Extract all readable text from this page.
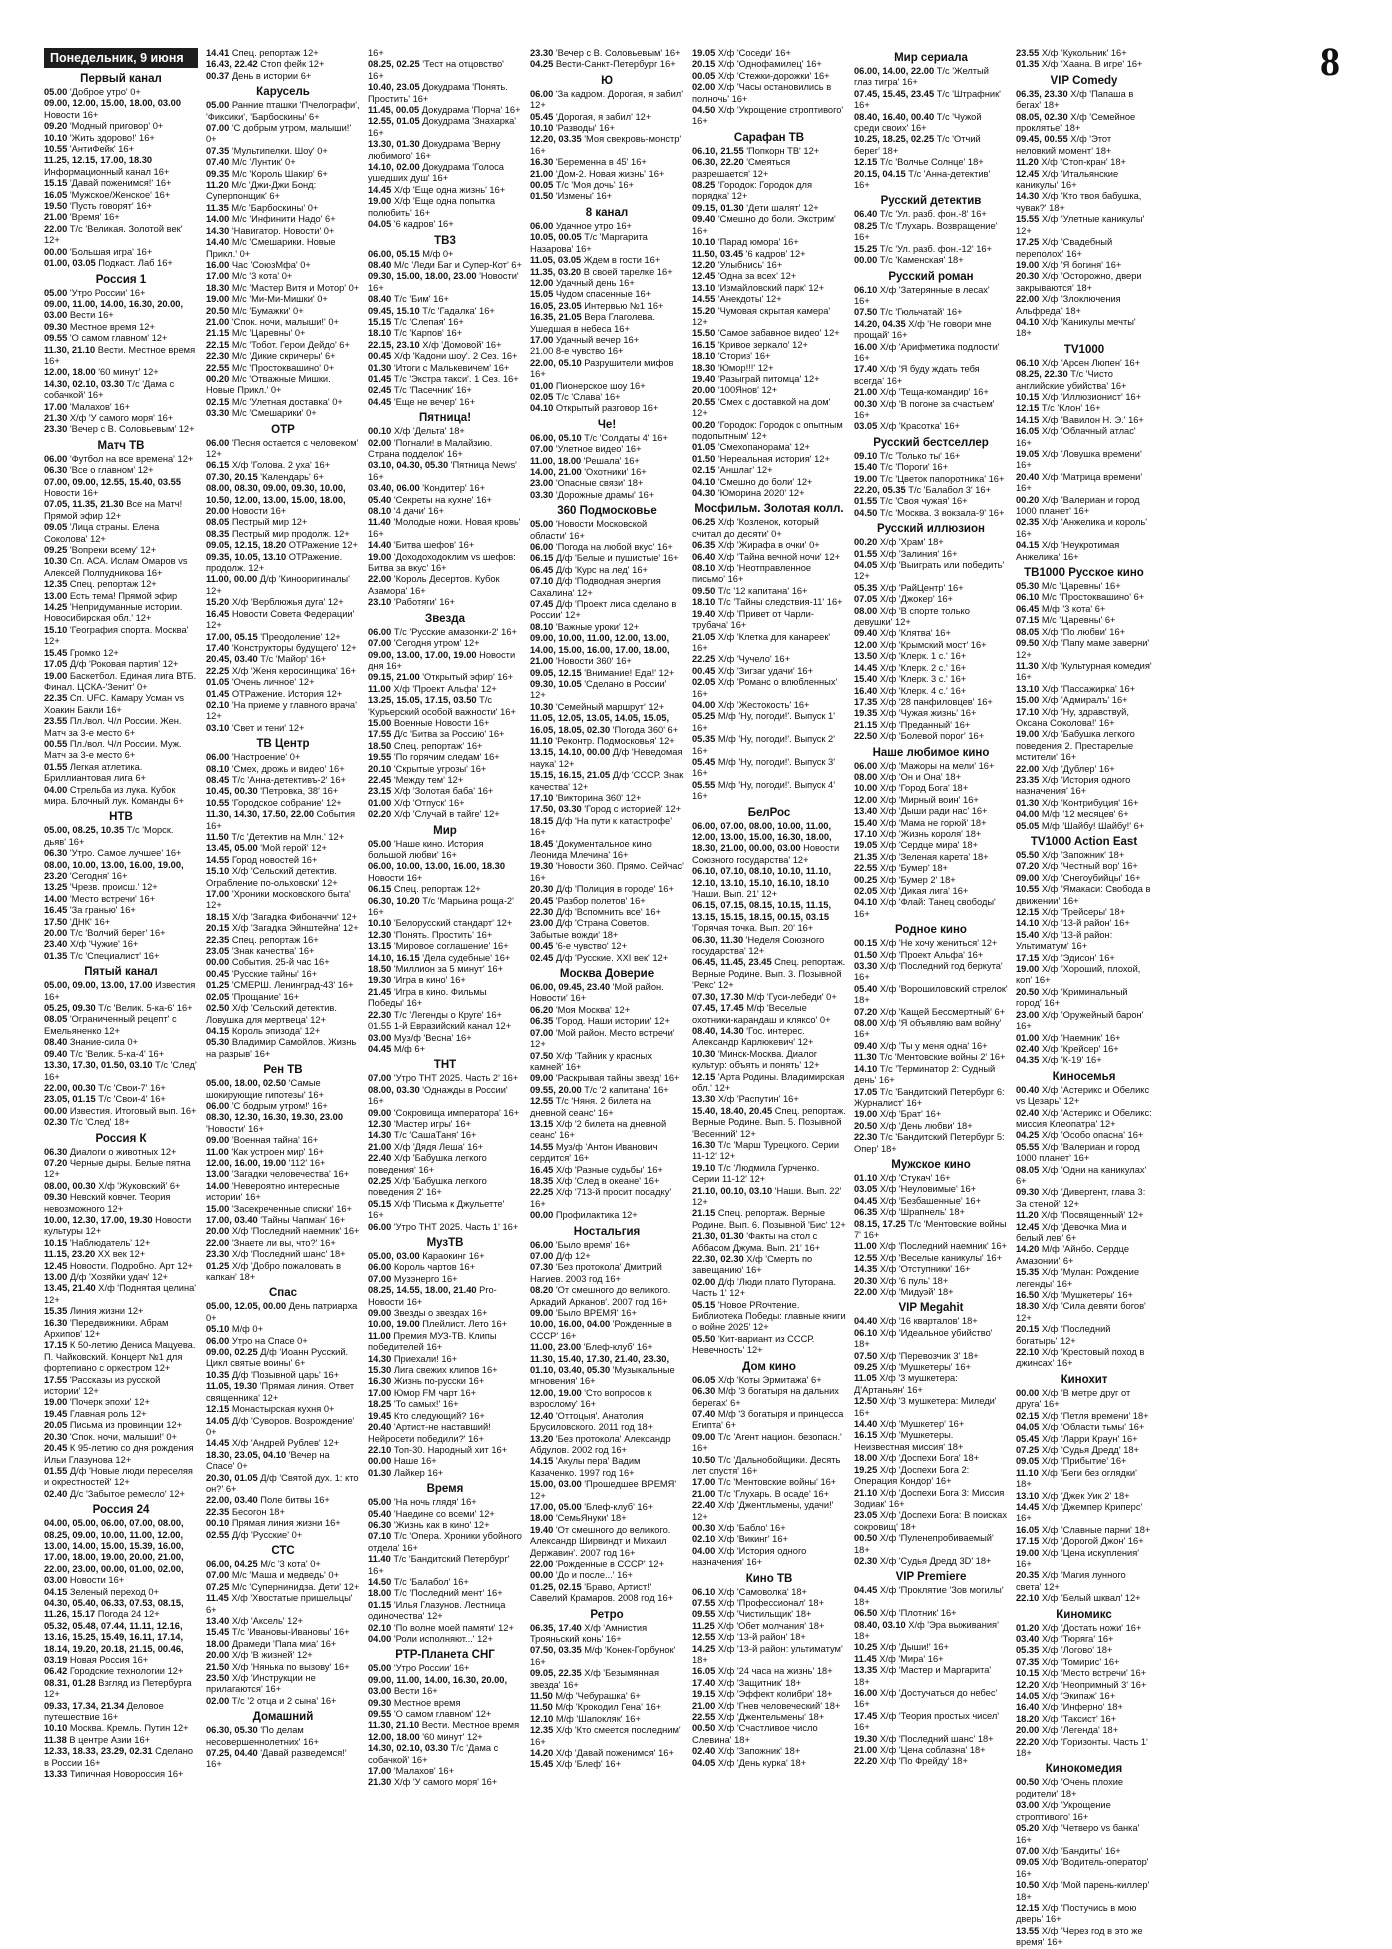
8
Понедельник, 9 июня
Первый канал
05.00 'Доброе утро' 0+
09.00, 12.00, 15.00, 18.00, 03.00 Новости 16+
09.20 'Модный приговор' 0+
10.10 'Жить здорово!' 16+
10.55 'АнтиФейк' 16+
11.25, 12.15, 17.00, 18.30 Информационный канал 16+
15.15 'Давай поженимся!' 16+
16.05 'Мужское/Женское' 16+
19.50 'Пусть говорят' 16+
21.00 'Время' 16+
22.00 Т/с 'Великая. Золотой век' 12+
00.00 'Большая игра' 16+
01.00, 03.05 Подкаст. Лаб 16+
Россия 1
05.00 'Утро России' 16+
09.00, 11.00, 14.00, 16.30, 20.00, 03.00 Вести 16+
09.30 Местное время 12+
09.55 'О самом главном' 12+
11.30, 21.10 Вести. Местное время 16+
12.00, 18.00 '60 минут' 12+
14.30, 02.10, 03.30 Т/с 'Дама с собачкой' 16+
17.00 'Малахов' 16+
21.30 Х/ф 'У самого моря' 16+
23.30 'Вечер с В. Соловьевым' 12+
Матч ТВ
06.00 'Футбол на все времена' 12+
06.30 'Все о главном' 12+
07.00, 09.00, 12.55, 15.40, 03.55 Новости 16+
07.05, 11.35, 21.30 Все на Матч! Прямой эфир 12+
09.05 'Лица страны. Елена Соколова' 12+
09.25 'Вопреки всему' 12+
10.30 Сп. АСА. Ислам Омаров vs Алексей Полпудникова 16+
12.35 Спец. репортаж 12+
13.00 Есть тема! Прямой эфир
14.25 'Непридуманные истории. Новосибирская обл.' 12+
15.10 'География спорта. Москва' 12+
15.45 Громко 12+
17.05 Д/ф 'Роковая партия' 12+
19.00 Баскетбол. Единая лига ВТБ. Финал. ЦСКА-'Зенит' 0+
22.35 Сп. UFC. Камару Усман vs Хоакин Бакли 16+
23.55 Пл./вол. Ч/л России. Жен. Матч за 3-е место 6+
00.55 Пл./вол. Ч/л России. Муж. Матч за 3-е место 6+
01.55 Легкая атлетика. Бриллиантовая лига 6+
04.00 Стрельба из лука. Кубок мира. Блочный лук. Команды 6+
НТВ
05.00, 08.25, 10.35 Т/с 'Морск. дьяв' 16+
06.30 'Утро. Самое лучшее' 16+
08.00, 10.00, 13.00, 16.00, 19.00, 23.20 'Сегодня' 16+
13.25 'Чрезв. происш.' 12+
14.00 'Место встречи' 16+
16.45 'За гранью' 16+
17.50 'ДНК' 16+
20.00 Т/с 'Волчий берег' 16+
23.40 Х/ф 'Чужие' 16+
01.35 Т/с 'Специалист' 16+
Пятый канал
05.00, 09.00, 13.00, 17.00 Известия 16+
05.25, 09.30 Т/с 'Велик. 5-ка-6' 16+
08.05 'Ограниченный рецепт' с Емельяненко 12+
08.40 Знание-сила 0+
09.40 Т/с 'Велик. 5-ка-4' 16+
13.30, 17.30, 01.50, 03.10 Т/с 'След' 16+
22.00, 00.30 Т/с 'Свои-7' 16+
23.05, 01.15 Т/с 'Свои-4' 16+
00.00 Известия. Итоговый вып. 16+
02.30 Т/с 'След' 18+
Россия К
06.30 Диалоги о животных 12+
07.20 Черные дыры. Белые пятна 12+
08.00, 00.30 Х/ф 'Жуковский' 6+
09.30 Невский ковчег. Теория невозможного 12+
10.00, 12.30, 17.00, 19.30 Новости культуры 12+
10.15 'Наблюдатель' 12+
11.15, 23.20 XX век 12+
12.45 Новости. Подробно. Арт 12+
13.00 Д/ф 'Хозяйки удач' 12+
13.45, 21.40 Х/ф 'Поднятая целина' 12+
15.35 Линия жизни 12+
16.30 'Передвижники. Абрам Архипов' 12+
17.15 К 50-летию Дениса Мацуева. П. Чайковский. Концерт №1 для фортепиано с оркестром 12+
17.55 'Рассказы из русской истории' 12+
19.00 'Почерк эпохи' 12+
19.45 Главная роль 12+
20.05 Письма из провинции 12+
20.30 'Спок. ночи, малыши!' 0+
20.45 К 95-летию со дня рождения Ильи Глазунова 12+
01.55 Д/ф 'Новые люди переселяя и окрестностей' 12+
02.40 Д/с 'Забытое ремесло' 12+
Россия 24
04.00, 05.00, 06.00, 07.00, 08.00, 08.25, 09.00, 10.00, 11.00, 12.00, 13.00, 14.00, 15.00, 15.39, 16.00, 17.00, 18.00, 19.00, 20.00, 21.00, 22.00, 23.00, 00.00, 01.00, 02.00, 03.00 Новости 16+
04.15 Зеленый переход 0+
04.30, 05.40, 06.33, 07.53, 08.15, 11.26, 15.17 Погода 24 12+
05.32, 05.48, 07.44, 11.11, 12.16, 13.16, 15.25, 15.49, 16.11, 17.14, 18.14, 19.20, 20.18, 21.15, 00.46, 03.19 Новая Россия 16+
06.42 Городские технологии 12+
08.31, 01.28 Взгляд из Петербурга 12+
09.33, 17.34, 21.34 Деловое путешествие 16+
10.10 Москва. Кремль. Путин 12+
11.38 В центре Азии 16+
12.33, 18.33, 23.29, 02.31 Сделано в России 16+
13.33 Типичная Новороссия 16+
14.41 Спец. репортаж 12+
16.43, 22.42 Стоп фейк 12+
00.37 День в истории 6+
Карусель
05.00 Ранние пташки 'Пчелографи', 'Фиксики', 'Барбоскины' 6+
07.00 'С добрым утром, малыши!' 0+
07.35 'Мультипелки. Шоу' 0+
07.40 М/с 'Лунтик' 0+
09.35 М/с 'Король Шакир' 6+
11.20 М/с 'Джи-Джи Бонд: Суперпонщик' 6+
11.35 М/с 'Барбоскины' 0+
14.00 М/с 'Инфинити Надо' 6+
14.30 'Навигатор. Новости' 0+
14.40 М/с 'Смешарики. Новые Прикл.' 0+
16.00 Час 'СоюзМфа' 0+
17.00 М/с '3 кота' 0+
18.30 М/с 'Мастер Витя и Мотор' 0+
19.00 М/с 'Ми-Ми-Мишки' 0+
20.50 М/с 'Бумажки' 0+
21.00 'Спок. ночи, малыши!' 0+
21.15 М/с 'Царевны' 0+
22.15 М/с 'Тобот. Герои Дейдо' 6+
22.30 М/с 'Дикие скричеры' 6+
22.55 М/с 'Простоквашино' 0+
00.20 М/с 'Отважные Мишки. Новые Прикл.' 0+
02.15 М/с 'Улетная доставка' 0+
03.30 М/с 'Смешарики' 0+
ОТР
06.00 'Песня остается с человеком' 12+
06.15 Х/ф 'Голова. 2 уха' 16+
07.30, 20.15 'Календарь' 6+
08.00, 08.30, 09.00, 09.30, 10.00, 10.50, 12.00, 13.00, 15.00, 18.00, 20.00 Новости 16+
08.05 Пестрый мир 12+
08.35 Пестрый мир продолж. 12+
09.05, 12.15, 18.20 ОТРажение 12+
09.35, 10.05, 13.10 ОТРажение. продолж. 12+
11.00, 00.00 Д/ф 'Кинооригиналы' 12+
15.20 Х/ф 'Верблюжья дуга' 12+
16.45 Новости Совета Федерации' 12+
17.00, 05.15 'Преодоление' 12+
17.40 'Конструкторы будущего' 12+
20.45, 03.40 Т/с 'Майор' 16+
22.25 Х/ф 'Женя керосинщика' 16+
01.05 'Очень личное' 12+
01.45 ОТРажение. История 12+
02.10 'На приеме у главного врача' 12+
03.10 'Свет и тени' 12+
ТВ Центр
06.00 'Настроение' 0+
08.10 'Смех, дрожь и видео' 16+
08.45 Т/с 'Анна-детективъ-2' 16+
10.45, 00.30 'Петровка, 38' 16+
10.55 'Городское собрание' 12+
11.30, 14.30, 17.50, 22.00 События 16+
11.50 Т/с 'Детектив на Млн.' 12+
13.45, 05.00 'Мой герой' 12+
14.55 Город новостей 16+
15.10 Х/ф 'Сельский детектив. Ограбление по-ольховски' 12+
17.00 'Хроники московского быта' 12+
18.15 Х/ф 'Загадка Фибоначчи' 12+
20.15 Х/ф 'Загадка Эйнштейна' 12+
22.35 Спец. репортаж 16+
23.05 'Знак качества' 16+
00.00 События. 25-й час 16+
00.45 'Русские тайны' 16+
01.25 'СМЕРШ. Ленинград-43' 16+
02.05 'Прощание' 16+
02.50 Х/ф 'Сельский детектив. Ловушка для мертвеца' 12+
04.15 Король эпизода' 12+
05.30 Владимир Самойлов. Жизнь на разрыв' 16+
Рен ТВ
05.00, 18.00, 02.50 'Самые шокирующие гипотезы' 16+
06.00 'С бодрым утром!' 16+
08.30, 12.30, 16.30, 19.30, 23.00 'Новости' 16+
09.00 'Военная тайна' 16+
11.00 'Как устроен мир' 16+
12.00, 16.00, 19.00 '112' 16+
13.00 'Загадки человечества' 16+
14.00 'Невероятно интересные истории' 16+
15.00 'Засекреченные списки' 16+
17.00, 03.40 'Тайны Чапман' 16+
20.00 Х/ф 'Последний наемник' 16+
22.00 'Знаете ли вы, что?' 16+
23.30 Х/ф 'Последний шанс' 18+
01.25 Х/ф 'Добро пожаловать в капкан' 18+
Спас
05.00, 12.05, 00.00 День патриарха 0+
05.10 М/ф 0+
06.00 Утро на Спасе 0+
09.00, 02.25 Д/ф 'Иоанн Русский. Цикл святые воины' 6+
10.35 Д/ф 'Позывной царь' 16+
11.05, 19.30 'Прямая линия. Ответ священника' 12+
12.15 Монастырская кухня 0+
14.05 Д/ф 'Суворов. Возрождение' 0+
14.45 Х/ф 'Андрей Рублев' 12+
18.30, 23.05, 04.10 'Вечер на Спасе' 0+
20.30, 01.05 Д/ф 'Святой дух. 1: кто он?' 6+
22.00, 03.40 Поле битвы 16+
22.35 Бесогон 18+
00.10 Прямая линия жизни 16+
02.55 Д/ф 'Русские' 0+
СТС
06.00, 04.25 М/с '3 кота' 0+
07.00 М/с 'Маша и медведь' 0+
07.25 М/с 'Супернинидза. Дети' 12+
11.45 Х/ф 'Хвостатые пришельцы' 6+
13.40 Х/ф 'Аксель' 12+
15.45 Т/с 'Ивановы-Ивановы' 16+
18.00 Драмеди 'Папа миа' 16+
20.00 Х/ф 'В жизней' 12+
21.50 Х/ф 'Нянька по вызову' 16+
23.50 Х/ф 'Инструкции не прилагаются' 16+
02.00 Т/с '2 отца и 2 сына' 16+
Домашний
06.30, 05.30 'По делам несовершеннолетних' 16+
07.25, 04.40 'Давай разведемся!' 16+
16+
08.25, 02.25 'Тест на отцовство' 16+
10.40, 23.05 Докудрама 'Понять. Простить' 16+
11.45, 00.05 Докудрама 'Порча' 16+
12.55, 01.05 Докудрама 'Знахарка' 16+
13.30, 01.30 Докудрама 'Верну любимого' 16+
14.10, 02.00 Докудрама 'Голоса ушедших душ' 16+
14.45 Х/ф 'Еще одна жизнь' 16+
19.00 Х/ф 'Еще одна попытка полюбить' 16+
04.05 '6 кадров' 16+
ТВ3
06.00, 05.15 М/ф 0+
08.40 М/с 'Леди Баг и Супер-Кот' 6+
09.30, 15.00, 18.00, 23.00 'Новости' 16+
08.40 Т/с 'Бим' 16+
09.45, 15.10 Т/с 'Гадалка' 16+
15.15 Т/с 'Слепая' 16+
18.10 Т/с 'Карпов' 16+
22.15, 23.10 Х/ф 'Домовой' 16+
00.45 Х/ф 'Кадони шоу'. 2 Сез. 16+
01.30 'Итоги с Малькевичем' 16+
01.45 Т/с 'Экстра такси'. 1 Сез. 16+
02.45 Т/с 'Пасечник' 16+
04.45 'Еще не вечер' 16+
Пятница!
00.10 Х/ф 'Дельта' 18+
02.00 'Погнали! в Малайзию. Страна подделок' 16+
03.10, 04.30, 05.30 'Пятница News' 16+
03.40, 06.00 'Кондитер' 16+
05.40 'Секреты на кухне' 16+
08.10 '4 дачи' 16+
11.40 'Молодые ножи. Новая кровь' 16+
14.40 'Битва шефов' 16+
19.00 'Доходоходоклим vs шефов: Битва за вкус' 16+
22.00 'Король Десертов. Кубок Азамора' 16+
23.10 'Работяги' 16+
Звезда
06.00 Т/с 'Русские амазонки-2' 16+
07.00 'Сегодня утром' 12+
09.00, 13.00, 17.00, 19.00 Новости дня 16+
09.15, 21.00 'Открытый эфир' 16+
11.00 Х/ф 'Проект Альфа' 12+
13.25, 15.05, 17.15, 03.50 Т/с 'Курьерский особой важности' 16+
15.00 Военные Новости 16+
17.55 Д/с 'Битва за Россию' 16+
18.50 Спец. репортаж' 16+
19.55 'По горячим следам' 16+
20.10 'Скрытые угрозы' 16+
22.45 'Между тем' 12+
23.15 Х/ф 'Золотая баба' 16+
01.00 Х/ф 'Отпуск' 16+
02.20 Х/ф 'Случай в тайге' 12+
Мир
05.00 'Наше кино. История большой любви' 16+
06.00, 10.00, 13.00, 16.00, 18.30 Новости 16+
06.15 Спец. репортаж 12+
06.30, 10.20 Т/с 'Марьина роща-2' 16+
10.10 'Белорусский стандарт' 12+
12.30 'Понять. Простить' 16+
13.15 'Мировое соглашение' 16+
14.10, 16.15 'Дела судебные' 16+
18.50 'Миллион за 5 минут' 16+
19.30 'Игра в кино' 16+
21.45 'Игра в кино. Фильмы Победы' 16+
22.30 Т/с 'Легенды о Круге' 16+
01.55 1-й Евразийский канал 12+
03.00 Муз/ф 'Весна' 16+
04.45 М/ф 6+
ТНТ
07.00 'Утро ТНТ 2025. Часть 2' 16+
08.00, 03.30 'Однажды в России' 16+
09.00 'Сокровища императора' 16+
12.30 'Мастер игры' 16+
14.30 Т/с 'СашаТаня' 16+
21.00 Х/ф 'Дядя Леша' 16+
22.40 Х/ф 'Бабушка легкого поведения' 16+
02.25 Х/ф 'Бабушка легкого поведения 2' 16+
05.15 Х/ф 'Письма к Джульетте' 16+
06.00 'Утро ТНТ 2025. Часть 1' 16+
МузТВ
05.00, 03.00 Караокинг 16+
06.00 Король чартов 16+
07.00 Музэнерго 16+
08.25, 14.55, 18.00, 21.40 Pro-Новости 16+
09.00 Звезды о звездах 16+
10.00, 19.00 Плейлист. Лето 16+
11.00 Премия МУЗ-ТВ. Клипы победителей 16+
14.30 Приехали! 16+
15.30 Лига свежих клипов 16+
16.30 Жизнь по-русски 16+
17.00 Юмор FM чарт 16+
18.25 'То самых!' 16+
19.45 Кто следующий? 16+
20.40 'Артист-не наставший! Нейросети победили?' 16+
22.10 Топ-30. Народный хит 16+
00.00 Наше 16+
01.30 Лайкер 16+
Время
05.00 'На ночь глядя' 16+
05.40 'Наедине со всеми' 12+
06.30 'Жизнь как в кино' 12+
07.10 Т/с 'Опера. Хроники убойного отдела' 16+
11.40 Т/с 'Бандитский Петербург' 16+
14.50 Т/с 'Балабол' 16+
18.00 Т/с 'Последний мент' 16+
01.15 'Илья Глазунов. Лестница одиночества' 12+
02.10 'По волне моей памяти' 12+
04.00 'Роли исполняют...' 12+
РТР-Планета СНГ
05.00 'Утро России' 16+
09.00, 11.00, 14.00, 16.30, 20.00, 03.00 Вести 16+
09.30 Местное время
09.55 'О самом главном' 12+
11.30, 21.10 Вести. Местное время
12.00, 18.00 '60 минут' 12+
14.30, 02.10, 03.30 Т/с 'Дама с собачкой' 16+
17.00 'Малахов' 16+
21.30 Х/ф 'У самого моря' 16+
23.30 'Вечер с В. Соловьевым' 16+
04.25 Вести-Санкт-Петербург 16+
Ю
06.00 'За кадром. Дорогая, я забил' 12+
05.45 'Дорогая, я забил' 12+
10.10 'Разводы' 16+
12.20, 03.35 'Моя свекровь-монстр' 16+
16.30 'Беременна в 45' 16+
21.00 'Дом-2. Новая жизнь' 16+
00.05 Т/с 'Моя дочь' 16+
01.50 'Измены' 16+
8 канал
06.00 Удачное утро 16+
10.05, 00.05 Т/с 'Маргарита Назарова' 16+
11.05, 03.05 Ждем в гости 16+
11.35, 03.20 В своей тарелке 16+
12.00 Удачный день 16+
15.05 Чудом спасенные 16+
16.05, 23.05 Интервью №1 16+
16.35, 21.05 Вера Глаголева. Ушедшая в небеса 16+
17.00 Удачный вечер 16+
21.00 8-е чувство 16+
22.00, 05.10 Разрушители мифов 16+
01.00 Пионерское шоу 16+
02.05 Т/с 'Слава' 16+
04.10 Открытый разговор 16+
Че!
06.00, 05.10 Т/с 'Солдаты 4' 16+
07.00 'Улетное видео' 16+
11.00, 18.00 'Решала' 16+
14.00, 21.00 'Охотники' 16+
23.00 'Опасные связи' 18+
03.30 'Дорожные драмы' 16+
360 Подмосковье
05.00 'Новости Московской области' 16+
06.00 'Погода на любой вкус' 16+
06.15 Д/ф 'Белые и пушистые' 16+
06.45 Д/ф 'Курс на лед' 16+
07.10 Д/ф 'Подводная энергия Сахалина' 12+
07.45 Д/ф 'Проект лиса сделано в России' 12+
08.10 'Важные уроки' 12+
09.00, 10.00, 11.00, 12.00, 13.00, 14.00, 15.00, 16.00, 17.00, 18.00, 21.00 'Новости 360' 16+
09.05, 12.15 'Внимание! Еда!' 12+
09.30, 10.05 'Сделано в России' 12+
10.30 'Семейный маршрут' 12+
11.05, 12.05, 13.05, 14.05, 15.05, 16.05, 18.05, 02.30 'Погода 360' 6+
11.10 'Реконтр. Подмосковья' 12+
13.15, 14.10, 00.00 Д/ф 'Неведомая наука' 12+
15.15, 16.15, 21.05 Д/ф 'СССР. Знак качества' 12+
17.10 'Викторина 360' 12+
17.50, 03.30 'Город с историей' 12+
18.15 Д/ф 'На пути к катастрофе' 16+
18.45 'Документальное кино Леонида Млечина' 16+
19.30 'Новости 360. Прямо. Сейчас' 16+
20.30 Д/ф 'Полиция в городе' 16+
20.45 'Разбор полетов' 16+
22.30 Д/ф 'Вспомнить все' 16+
23.00 Д/ф 'Страна Советов. Забытые вожди' 18+
00.45 '6-е чувство' 12+
02.45 Д/ф 'Русские. XXI век' 12+
Москва Доверие
06.00, 09.45, 23.40 'Мой район. Новости' 16+
06.20 'Моя Москва' 12+
06.35 'Город. Наши истории' 12+
07.00 'Мой район. Место встречи' 12+
07.50 Х/ф 'Тайник у красных камней' 16+
09.00 'Раскрывая тайны звезд' 16+
09.55, 20.00 Т/с '2 капитана' 16+
12.55 Т/с 'Няня. 2 билета на дневной сеанс' 16+
13.15 Х/ф '2 билета на дневной сеанс' 16+
14.55 Муз/ф 'Антон Иванович сердится' 16+
16.45 Х/ф 'Разные судьбы' 16+
18.35 Х/ф 'След в океане' 16+
22.25 Х/ф '713-й просит посадку' 16+
00.00 Профилактика 12+
Ностальгия
06.00 'Было время' 16+
07.00 Д/ф 12+
07.30 'Без протокола' Дмитрий Нагиев. 2003 год 16+
08.20 'От смешного до великого. Аркадий Арканов'. 2007 год 16+
09.00 'Было ВРЕМЯ' 16+
10.00, 16.00, 04.00 'Рожденные в СССР' 16+
11.00, 23.00 'Блеф-клуб' 16+
11.30, 15.40, 17.30, 21.40, 23.30, 01.10, 03.40, 05.30 'Музыкальные мгновения' 16+
12.00, 19.00 'Сто вопросов к взрослому' 16+
12.40 'Оттоцыя'. Анатолия Брусиловского. 2011 год 18+
13.20 'Без протокола' Александр Абдулов. 2002 год 16+
14.15 'Акулы пера' Вадим Казаченко. 1997 год 16+
15.00, 03.00 'Прошедшее ВРЕМЯ' 12+
17.00, 05.00 'Блеф-клуб' 16+
18.00 'СемьЯнуки' 18+
19.40 'От смешного до великого. Александр Ширвиндт и Михаил Державин'. 2007 год 16+
22.00 'Рожденные в СССР' 12+
00.00 'До и после...' 16+
01.25, 02.15 'Браво, Артист!' Савелий Крамаров. 2008 год 16+
Ретро
06.35, 17.40 Х/ф 'Амнистия Трояньский конь' 16+
07.50, 03.35 М/ф 'Конек-Горбунок' 16+
09.05, 22.35 Х/ф 'Безымянная звезда' 16+
11.50 М/ф 'Чебурашка' 6+
11.50 М/ф 'Крокодил Гена' 16+
12.10 М/ф 'Шапокляк' 16+
12.35 Х/ф 'Кто смеется последним' 16+
14.20 Х/ф 'Давай поженимся' 16+
15.45 Х/ф 'Блеф' 16+
19.05 Х/ф 'Соседи' 16+
20.15 Х/ф 'Однофамилец' 16+
00.05 Х/ф 'Стежки-дорожки' 16+
02.00 Х/ф 'Часы остановились в полночь' 16+
04.50 Х/ф 'Укрощение строптивого' 16+
Сарафан ТВ
06.10, 21.55 'Попкорн ТВ' 12+
06.30, 22.20 'Смеяться разрешается' 12+
08.25 'Городок: Городок для порядка' 12+
09.15, 01.30 'Дети шалят' 12+
09.40 'Смешно до боли. Экстрим' 16+
10.10 'Парад юмора' 16+
11.50, 03.45 '6 кадров' 12+
12.20 'Улыбнись' 16+
12.45 'Одна за всех' 12+
13.10 'Измайловский парк' 12+
14.55 'Анекдоты' 12+
15.20 'Чумовая скрытая камера' 12+
15.50 'Самое забавное видео' 12+
16.15 'Кривое зеркало' 12+
18.10 'Сториз' 16+
18.30 'Юмор!!!' 12+
19.40 'Разыграй питомца' 12+
20.00 '100Янов' 12+
20.55 'Смех с доставкой на дом' 12+
00.20 'Городок: Городок с опытным подопытным' 12+
01.05 'Смехопанорама' 12+
01.50 'Нереальная история' 12+
02.15 'Аншлаг' 12+
04.10 'Смешно до боли' 12+
04.30 'Юморина 2020' 12+
Мосфильм. Золотая колл.
06.25 Х/ф 'Козленок, который считал до десяти' 0+
06.35 Х/ф 'Жирафа в очки' 0+
06.40 Х/ф 'Тайна вечной ночи' 12+
08.10 Х/ф 'Неотправленное письмо' 16+
09.50 Т/с '12 капитана' 16+
18.10 Т/с 'Тайны следствия-11' 16+
19.40 Х/ф 'Привет от Чарли-трубача' 16+
21.05 Х/ф 'Клетка для канареек' 16+
22.25 Х/ф 'Чучело' 16+
00.45 Х/ф 'Зигзаг удачи' 16+
02.05 Х/ф 'Романс о влюбленных' 16+
04.00 Х/ф 'Жестокость' 16+
05.25 М/ф 'Ну, погоди!'. Выпуск 1' 16+
05.35 М/ф 'Ну, погоди!'. Выпуск 2' 16+
05.45 М/ф 'Ну, погоди!'. Выпуск 3' 16+
05.55 М/ф 'Ну, погоди!'. Выпуск 4' 16+
БелРос
06.00, 07.00, 08.00, 10.00, 11.00, 12.00, 13.00, 15.00, 16.30, 18.00, 18.30, 21.00, 00.00, 03.00 Новости Союзного государства' 12+
06.10, 07.10, 08.10, 10.10, 11.10, 12.10, 13.10, 15.10, 16.10, 18.10 'Наши. Вып. 21' 12+
06.15, 07.15, 08.15, 10.15, 11.15, 13.15, 15.15, 18.15, 00.15, 03.15 'Горячая точка. Вып. 20' 16+
06.30, 11.30 'Неделя Союзного государства' 12+
06.45, 11.45, 23.45 Спец. репортаж. Верные Родине. Вып. 3. Позывной 'Рекс' 12+
07.30, 17.30 М/ф 'Гуси-лебеди' 0+
07.45, 17.45 М/ф 'Веселые охотники-карандаш и кляксо' 0+
08.40, 14.30 'Гос. интерес. Александр Карлюкевич' 12+
10.30 'Минск-Москва. Диалог культур: объять и понять' 12+
12.15 'Арта Родины. Владимирская обл.' 12+
13.30 Х/ф 'Распутин' 16+
15.40, 18.40, 20.45 Спец. репортаж. Верные Родине. Вып. 5. Позывной 'Весенний' 12+
16.30 Т/с 'Марш Турецкого. Серии 11-12' 12+
19.10 Т/с 'Людмила Гурченко. Серии 11-12' 12+
21.10, 00.10, 03.10 'Наши. Вып. 22' 12+
21.15 Спец. репортаж. Верные Родине. Вып. 6. Позывной 'Бис' 12+
21.30, 01.30 'Факты на стол с Аббасом Джума. Вып. 21' 16+
22.30, 02.30 Х/ф 'Смерть по завещанию' 16+
02.00 Д/ф 'Люди плато Путорана. Часть 1' 12+
05.15 'Новое PRочтение. Библиотека Победы: главные книги о войне 2025' 12+
05.50 'Кит-вариант из СССР. Невечность' 12+
Дом кино
06.05 Х/ф 'Коты Эрмитажа' 6+
06.30 М/ф '3 богатыря на дальних берегах' 6+
07.40 М/ф '3 богатыря и принцесса Египта' 6+
09.00 Т/с 'Агент национ. безопасн.' 16+
10.50 Т/с 'Дальнобойщики. Десять лет спустя' 16+
17.00 Т/с 'Ментовские войны' 16+
21.00 Т/с 'Глухарь. В осаде' 16+
22.40 Х/ф 'Джентльмены, удачи!' 12+
00.30 Х/ф 'Бабло' 16+
02.10 Х/ф 'Викинг' 16+
04.00 Х/ф 'История одного назначения' 16+
Кино ТВ
06.10 Х/ф 'Самоволка' 18+
07.55 Х/ф 'Профессионал' 18+
09.55 Х/ф 'Чистильщик' 18+
11.25 Х/ф 'Обет молчания' 18+
12.55 Х/ф '13-й район' 18+
14.25 Х/ф '13-й район: ультиматум' 18+
16.05 Х/ф '24 часа на жизнь' 18+
17.40 Х/ф 'Защитник' 18+
19.15 Х/ф 'Эффект колибри' 18+
21.00 Х/ф 'Гнев человеческий' 18+
22.55 Х/ф 'Джентельмены' 18+
00.50 Х/ф 'Счастливое число Слевина' 18+
02.40 Х/ф 'Запожник' 18+
04.05 Х/ф 'День курка' 18+
Мир сериала
06.00, 14.00, 22.00 Т/с 'Желтый глаз тигра' 16+
07.45, 15.45, 23.45 Т/с 'Штрафник' 16+
08.40, 16.40, 00.40 Т/с 'Чужой среди своих' 16+
10.25, 18.25, 02.25 Т/с 'Отчий берег' 18+
12.15 Т/с 'Волчье Солнце' 18+
20.15, 04.15 Т/с 'Анна-детектив' 16+
Русский детектив
06.40 Т/с 'Ул. разб. фон.-8' 16+
08.25 Т/с 'Глухарь. Возвращение' 16+
15.25 Т/с 'Ул. разб. фон.-12' 16+
00.00 Т/с 'Каменская' 18+
Русский роман
06.10 Х/ф 'Затерянные в лесах' 16+
07.50 Т/с 'Гюльчатай' 16+
14.20, 04.35 Х/ф 'Не говори мне прощай' 16+
16.00 Х/ф 'Арифметика подлости' 16+
17.40 Х/ф 'Я буду ждать тебя всегда' 16+
21.00 Х/ф 'Теща-командир' 16+
00.30 Х/ф 'В погоне за счастьем' 16+
03.05 Х/ф 'Красотка' 16+
Русский бестселлер
09.10 Т/с 'Только ты' 16+
15.40 Т/с 'Пороги' 16+
19.00 Т/с 'Цветок папоротника' 16+
22.20, 05.35 Т/с 'Балабол 3' 16+
01.55 Т/с 'Своя чужая' 16+
04.50 Т/с 'Москва. 3 вокзала-9' 16+
Русский иллюзион
00.20 Х/ф 'Храм' 18+
01.55 Х/ф 'Залиния' 16+
04.05 Х/ф 'Выиграть или победить' 12+
05.35 Х/ф 'РайЦентр' 16+
07.05 Х/ф 'Джокер' 16+
08.00 Х/ф 'В спорте только девушки' 12+
09.40 Х/ф 'Клятва' 16+
12.00 Х/ф 'Крымский мост' 16+
13.50 Х/ф 'Клерк. 1 с.' 16+
14.45 Х/ф 'Клерк. 2 с.' 16+
15.40 Х/ф 'Клерк. 3 с.' 16+
16.40 Х/ф 'Клерк. 4 с.' 16+
17.35 Х/ф '28 панфиловцев' 16+
19.35 Х/ф 'Чужая жизнь' 16+
21.15 Х/ф 'Преданный' 16+
22.50 Х/ф 'Болевой порог' 16+
Наше любимое кино
06.00 Х/ф 'Мажоры на мели' 16+
08.00 Х/ф 'Он и Она' 18+
10.00 Х/ф 'Город Бога' 18+
12.00 Х/ф 'Мирный воин' 16+
13.40 Х/ф 'Дыши ради нас' 16+
15.40 Х/ф 'Мама не горюй' 18+
17.10 Х/ф 'Жизнь короля' 18+
19.05 Х/ф 'Сердце мира' 18+
21.35 Х/ф 'Зеленая карета' 18+
22.55 Х/ф 'Бумер' 18+
00.25 Х/ф 'Бумер 2' 18+
02.05 Х/ф 'Дикая лига' 16+
04.10 Х/ф 'Флай: Танец свободы' 16+
Родное кино
00.15 Х/ф 'Не хочу жениться' 12+
01.50 Х/ф 'Проект Альфа' 16+
03.30 Х/ф 'Последний год беркута' 16+
05.40 Х/ф 'Ворошиловский стрелок' 18+
07.20 Х/ф 'Кащей Бессмертный' 6+
08.00 Х/ф 'Я объявляю вам войну' 16+
09.40 Х/ф 'Ты у меня одна' 16+
11.30 Т/с 'Ментовские войны 2' 16+
14.10 Т/с 'Терминатор 2: Судный день' 16+
17.05 Т/с 'Бандитский Петербург 6: Журналист' 16+
19.00 Х/ф 'Брат' 16+
20.50 Х/ф 'День любви' 18+
22.30 Т/с 'Бандитский Петербург 5: Опер' 18+
Мужское кино
01.10 Х/ф 'Стукач' 16+
03.05 Х/ф 'Неуловимые' 16+
04.45 Х/ф 'Безбашенные' 16+
06.35 Х/ф 'Шрапнель' 18+
08.15, 17.25 Т/с 'Ментовские войны 7' 16+
11.00 Х/ф 'Последний наемник' 16+
12.55 Х/ф 'Веселые каникулы' 16+
14.35 Х/ф 'Отступники' 16+
20.30 Х/ф '6 пуль' 18+
22.00 Х/ф 'Мидуэй' 18+
VIP Megahit
04.40 Х/ф '16 кварталов' 18+
06.10 Х/ф 'Идеальное убийство' 18+
07.50 Х/ф 'Перевозчик 3' 18+
09.25 Х/ф 'Мушкетеры' 16+
11.05 Х/ф '3 мушкетера: Д'Артаньян' 16+
12.50 Х/ф '3 мушкетера: Миледи' 16+
14.40 Х/ф 'Мушкетер' 16+
16.15 Х/ф 'Мушкетеры. Неизвестная миссия' 18+
18.00 Х/ф 'Доспехи Бога' 18+
19.25 Х/ф 'Доспехи Бога 2: Операция Кондор' 16+
21.10 Х/ф 'Доспехи Бога 3: Миссия Зодиак' 16+
23.05 Х/ф 'Доспехи Бога: В поисках сокровищ' 18+
00.50 Х/ф 'Пуленепробиваемый' 18+
02.30 Х/ф 'Судья Дредд 3D' 18+
VIP Premiere
04.45 Х/ф 'Проклятие 'Зов могилы' 18+
06.50 Х/ф 'Плотник' 16+
08.40, 03.10 Х/ф 'Эра выживания' 18+
10.25 Х/ф 'Дыши!' 16+
11.45 Х/ф 'Мира' 16+
13.35 Х/ф 'Мастер и Маргарита' 18+
16.00 Х/ф 'Достучаться до небес' 16+
17.45 Х/ф 'Теория простых чисел' 16+
19.30 Х/ф 'Последний шанс' 18+
21.00 Х/ф 'Цена соблазна' 18+
22.20 Х/ф 'По Фрейду' 18+
23.55 Х/ф 'Кукольник' 16+
01.35 Х/ф 'Хаана. В игре' 16+
VIP Comedy
06.35, 23.30 Х/ф 'Папаша в бегах' 18+
08.05, 02.30 Х/ф 'Семейное проклятье' 18+
09.45, 00.55 Х/ф 'Этот неловкий момент' 18+
11.20 Х/ф 'Стоп-кран' 18+
12.45 Х/ф 'Итальянские каникулы' 16+
14.30 Х/ф 'Кто твоя бабушка, чувак?' 18+
15.55 Х/ф 'Улетные каникулы' 12+
17.25 Х/ф 'Свадебный переполох' 16+
19.00 Х/ф 'Я богиня' 16+
20.30 Х/ф 'Осторожно, двери закрываются' 18+
22.00 Х/ф 'Злоключения Альфреда' 18+
04.10 Х/ф 'Каникулы мечты' 18+
TV1000
06.10 Х/ф 'Арсен Люпен' 16+
08.25, 22.30 Т/с 'Чисто английские убийства' 16+
10.15 Х/ф 'Иллюзионист' 16+
12.15 Т/с 'Клон' 16+
14.15 Х/ф 'Вавилон Н. Э.' 16+
16.05 Х/ф 'Облачный атлас' 16+
19.05 Х/ф 'Ловушка времени' 16+
20.40 Х/ф 'Матрица времени' 16+
00.20 Х/ф 'Валериан и город 1000 планет' 16+
02.35 Х/ф 'Анжелика и король' 16+
04.15 Х/ф 'Неукротимая Анжелика' 16+
ТВ1000 Русское кино
05.30 М/с 'Царевны' 16+
06.10 М/с 'Простоквашино' 6+
06.45 М/ф '3 кота' 6+
07.15 М/с 'Царевны' 6+
08.05 Х/ф 'По любви' 16+
09.50 Х/ф 'Папу маме заверни' 12+
11.30 Х/ф 'Культурная комедия' 16+
13.10 Х/ф 'Пассажирка' 16+
15.00 Х/ф 'Адмиралъ' 16+
17.10 Х/ф 'Ну, здравствуй, Оксана Соколова!' 16+
19.00 Х/ф 'Бабушка легкого поведения 2. Престарелые мстители' 16+
22.00 Х/ф 'Дублер' 16+
23.35 Х/ф 'История одного назначения' 16+
01.30 Х/ф 'Контрибуция' 16+
04.00 М/ф '12 месяцев' 6+
05.05 М/ф 'Шайбу! Шайбу!' 6+
TV1000 Action East
05.50 Х/ф 'Запожник' 18+
07.20 Х/ф 'Честный вор' 16+
09.00 Х/ф 'Снегоубийцы' 16+
10.55 Х/ф 'Ямакаси: Свобода в движении' 16+
12.15 Х/ф 'Трейсеры' 18+
14.10 Х/ф '13-й район' 16+
15.40 Х/ф '13-й район: Ультиматум' 16+
17.15 Х/ф 'Эдисон' 16+
19.00 Х/ф 'Хороший, плохой, коп' 16+
20.50 Х/ф 'Криминальный город' 16+
23.00 Х/ф 'Оружейный барон' 16+
01.00 Х/ф 'Наемник' 16+
02.40 Х/ф 'Крейсер' 16+
04.35 Х/ф 'К-19' 16+
Киносемья
00.40 Х/ф 'Астерикс и Обеликс vs Цезарь' 12+
02.40 Х/ф 'Астерикс и Обеликс: миссия Клеопатра' 12+
04.25 Х/ф 'Особо опасна' 16+
05.55 Х/ф 'Валериан и город 1000 планет' 16+
08.05 Х/ф 'Одни на каникулах' 6+
09.30 Х/ф 'Дивергент, глава 3: За стеной' 12+
11.20 Х/ф 'Посвященный' 12+
12.45 Х/ф 'Девочка Миа и белый лев' 6+
14.20 М/ф 'Айнбо. Сердце Амазонии' 6+
15.35 Х/ф 'Мулан: Рождение легенды' 16+
16.50 Х/ф 'Мушкетеры' 16+
18.30 Х/ф 'Сила девяти богов' 12+
20.15 Х/ф 'Последний богатырь' 12+
22.10 Х/ф 'Крестовый поход в джинсах' 16+
Кинохит
00.00 Х/ф 'В метре друг от друга' 16+
02.15 Х/ф 'Петля времени' 18+
04.05 Х/ф 'Области тьмы' 16+
05.45 Х/ф 'Ларри Краун' 16+
07.25 Х/ф 'Судья Дредд' 18+
09.05 Х/ф 'Прибытие' 16+
11.10 Х/ф 'Беги без оглядки' 18+
13.10 Х/ф 'Джек Уик 2' 18+
14.45 Х/ф 'Джемпер Криперс' 16+
16.05 Х/ф 'Славные парни' 18+
17.15 Х/ф 'Дорогой Джон' 16+
19.00 Х/ф 'Цена искупления' 16+
20.35 Х/ф 'Магия лунного света' 12+
22.10 Х/ф 'Белый шквал' 12+
Киномикс
01.20 Х/ф 'Достать ножи' 16+
03.40 Х/ф 'Тюряга' 16+
05.35 Х/ф 'Логово' 18+
07.35 Х/ф 'Томирис' 16+
10.15 Х/ф 'Место встречи' 16+
12.20 Х/ф 'Неопримный 3' 16+
14.05 Х/ф 'Экипаж' 16+
16.40 Х/ф 'Инферно' 18+
18.20 Х/ф 'Таксист' 16+
20.00 Х/ф 'Легенда' 18+
22.20 Х/ф 'Горизонты. Часть 1' 18+
Кинокомедия
00.50 Х/ф 'Очень плохие родители' 18+
03.00 Х/ф 'Укрощение строптивого' 16+
05.20 Х/ф 'Четверо vs банка' 16+
07.00 Х/ф 'Бандиты' 16+
09.05 Х/ф 'Водитель-оператор' 16+
10.50 Х/ф 'Мой парень-киллер' 18+
12.15 Х/ф 'Постучись в мою дверь' 16+
13.55 Х/ф 'Через год в это же время' 16+
